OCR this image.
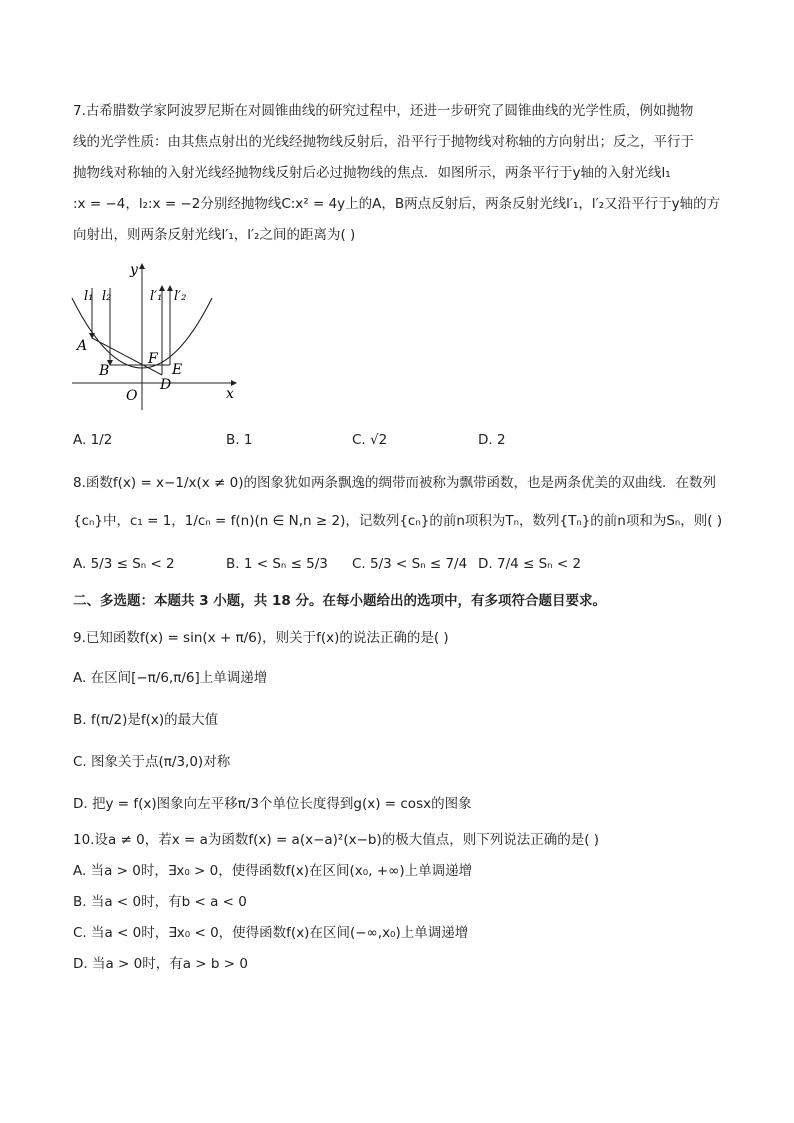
7.古希腊数学家阿波罗尼斯在对圆锥曲线的研究过程中，还进一步研究了圆锥曲线的光学性质，例如抛物
线的光学性质：由其焦点射出的光线经抛物线反射后，沿平行于抛物线对称轴的方向射出；反之，平行于
抛物线对称轴的入射光线经抛物线反射后必过抛物线的焦点．如图所示，两条平行于y轴的入射光线l₁
:x = −4，l₂:x = −2分别经抛物线C:x² = 4y上的A，B两点反射后，两条反射光线l′₁，l′₂又沿平行于y轴的方
向射出，则两条反射光线l′₁，l′₂之间的距离为( )
y
x
O
A
B
D
E
F
l₁ l₂	l′₁ l′₂
A. 1/2	B. 1	C. √2	D. 2
8.函数f(x) = x−1/x(x ≠ 0)的图象犹如两条飘逸的绸带而被称为飘带函数，也是两条优美的双曲线．在数列
{cₙ}中，c₁ = 1，1/cₙ = f(n)(n ∈ N,n ≥ 2)，记数列{cₙ}的前n项积为Tₙ，数列{Tₙ}的前n项和为Sₙ，则( )
A. 5/3 ≤ Sₙ < 2	B. 1 < Sₙ ≤ 5/3 C. 5/3 < Sₙ ≤ 7/4 D. 7/4 ≤ Sₙ < 2
二、多选题：本题共 3 小题，共 18 分。在每小题给出的选项中，有多项符合题目要求。
9.已知函数f(x) = sin(x + π/6)，则关于f(x)的说法正确的是( )
A. 在区间[−π/6,π/6]上单调递增
B. f(π/2)是f(x)的最大值
C. 图象关于点(π/3,0)对称
D. 把y = f(x)图象向左平移π/3个单位长度得到g(x) = cosx的图象
10.设a ≠ 0，若x = a为函数f(x) = a(x−a)²(x−b)的极大值点，则下列说法正确的是( )
A. 当a > 0时，∃x₀ > 0，使得函数f(x)在区间(x₀, +∞)上单调递增
B. 当a < 0时，有b < a < 0
C. 当a < 0时，∃x₀ < 0，使得函数f(x)在区间(−∞,x₀)上单调递增
D. 当a > 0时，有a > b > 0
